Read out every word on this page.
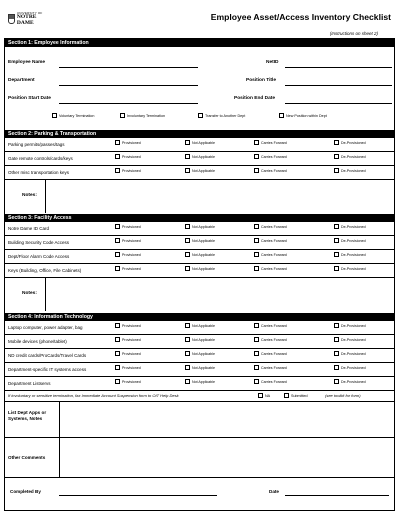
UNIVERSITY OF
NOTRE DAME
Employee Asset/Access Inventory Checklist
(Instructions on sheet 2)
Section 1: Employee Information
Employee Name	NetID
Department	Position Title
Position Start Date	Position End Date
Voluntary Termination	Involuntary Termination	Transfer to Another Dept	New Position within Dept
Section 2: Parking & Transportation
Parking permits/passes/tags	Provisioned	Not Applicable	Carries Forward	De-Provisioned
Gate remote controls/cards/keys	Provisioned	Not Applicable	Carries Forward	De-Provisioned
Other misc transportation keys	Provisioned	Not Applicable	Carries Forward	De-Provisioned
Notes:
Section 3: Facility Access
Notre Dame ID Card	Provisioned	Not Applicable	Carries Forward	De-Provisioned
Building Security Code Access	Provisioned	Not Applicable	Carries Forward	De-Provisioned
Dept/Floor Alarm Code Access	Provisioned	Not Applicable	Carries Forward	De-Provisioned
Keys (Building, Office, File Cabinets)	Provisioned	Not Applicable	Carries Forward	De-Provisioned
Notes:
Section 4: Information Technology
Laptop computer, power adapter, bag	Provisioned	Not Applicable	Carries Forward	De-Provisioned
Mobile devices (phone/tablet)	Provisioned	Not Applicable	Carries Forward	De-Provisioned
ND credit cards/ProCards/Travel Cards	Provisioned	Not Applicable	Carries Forward	De-Provisioned
Department-specific IT systems access	Provisioned	Not Applicable	Carries Forward	De-Provisioned
Department Listservs	Provisioned	Not Applicable	Carries Forward	De-Provisioned
If involuntary or sensitive termination, fax Immediate Account Suspension form to OIT Help Desk	NA	Submitted	(see toolkit for form)
List Dept Apps or Systems, Notes
Other Comments
Completed By	Date
